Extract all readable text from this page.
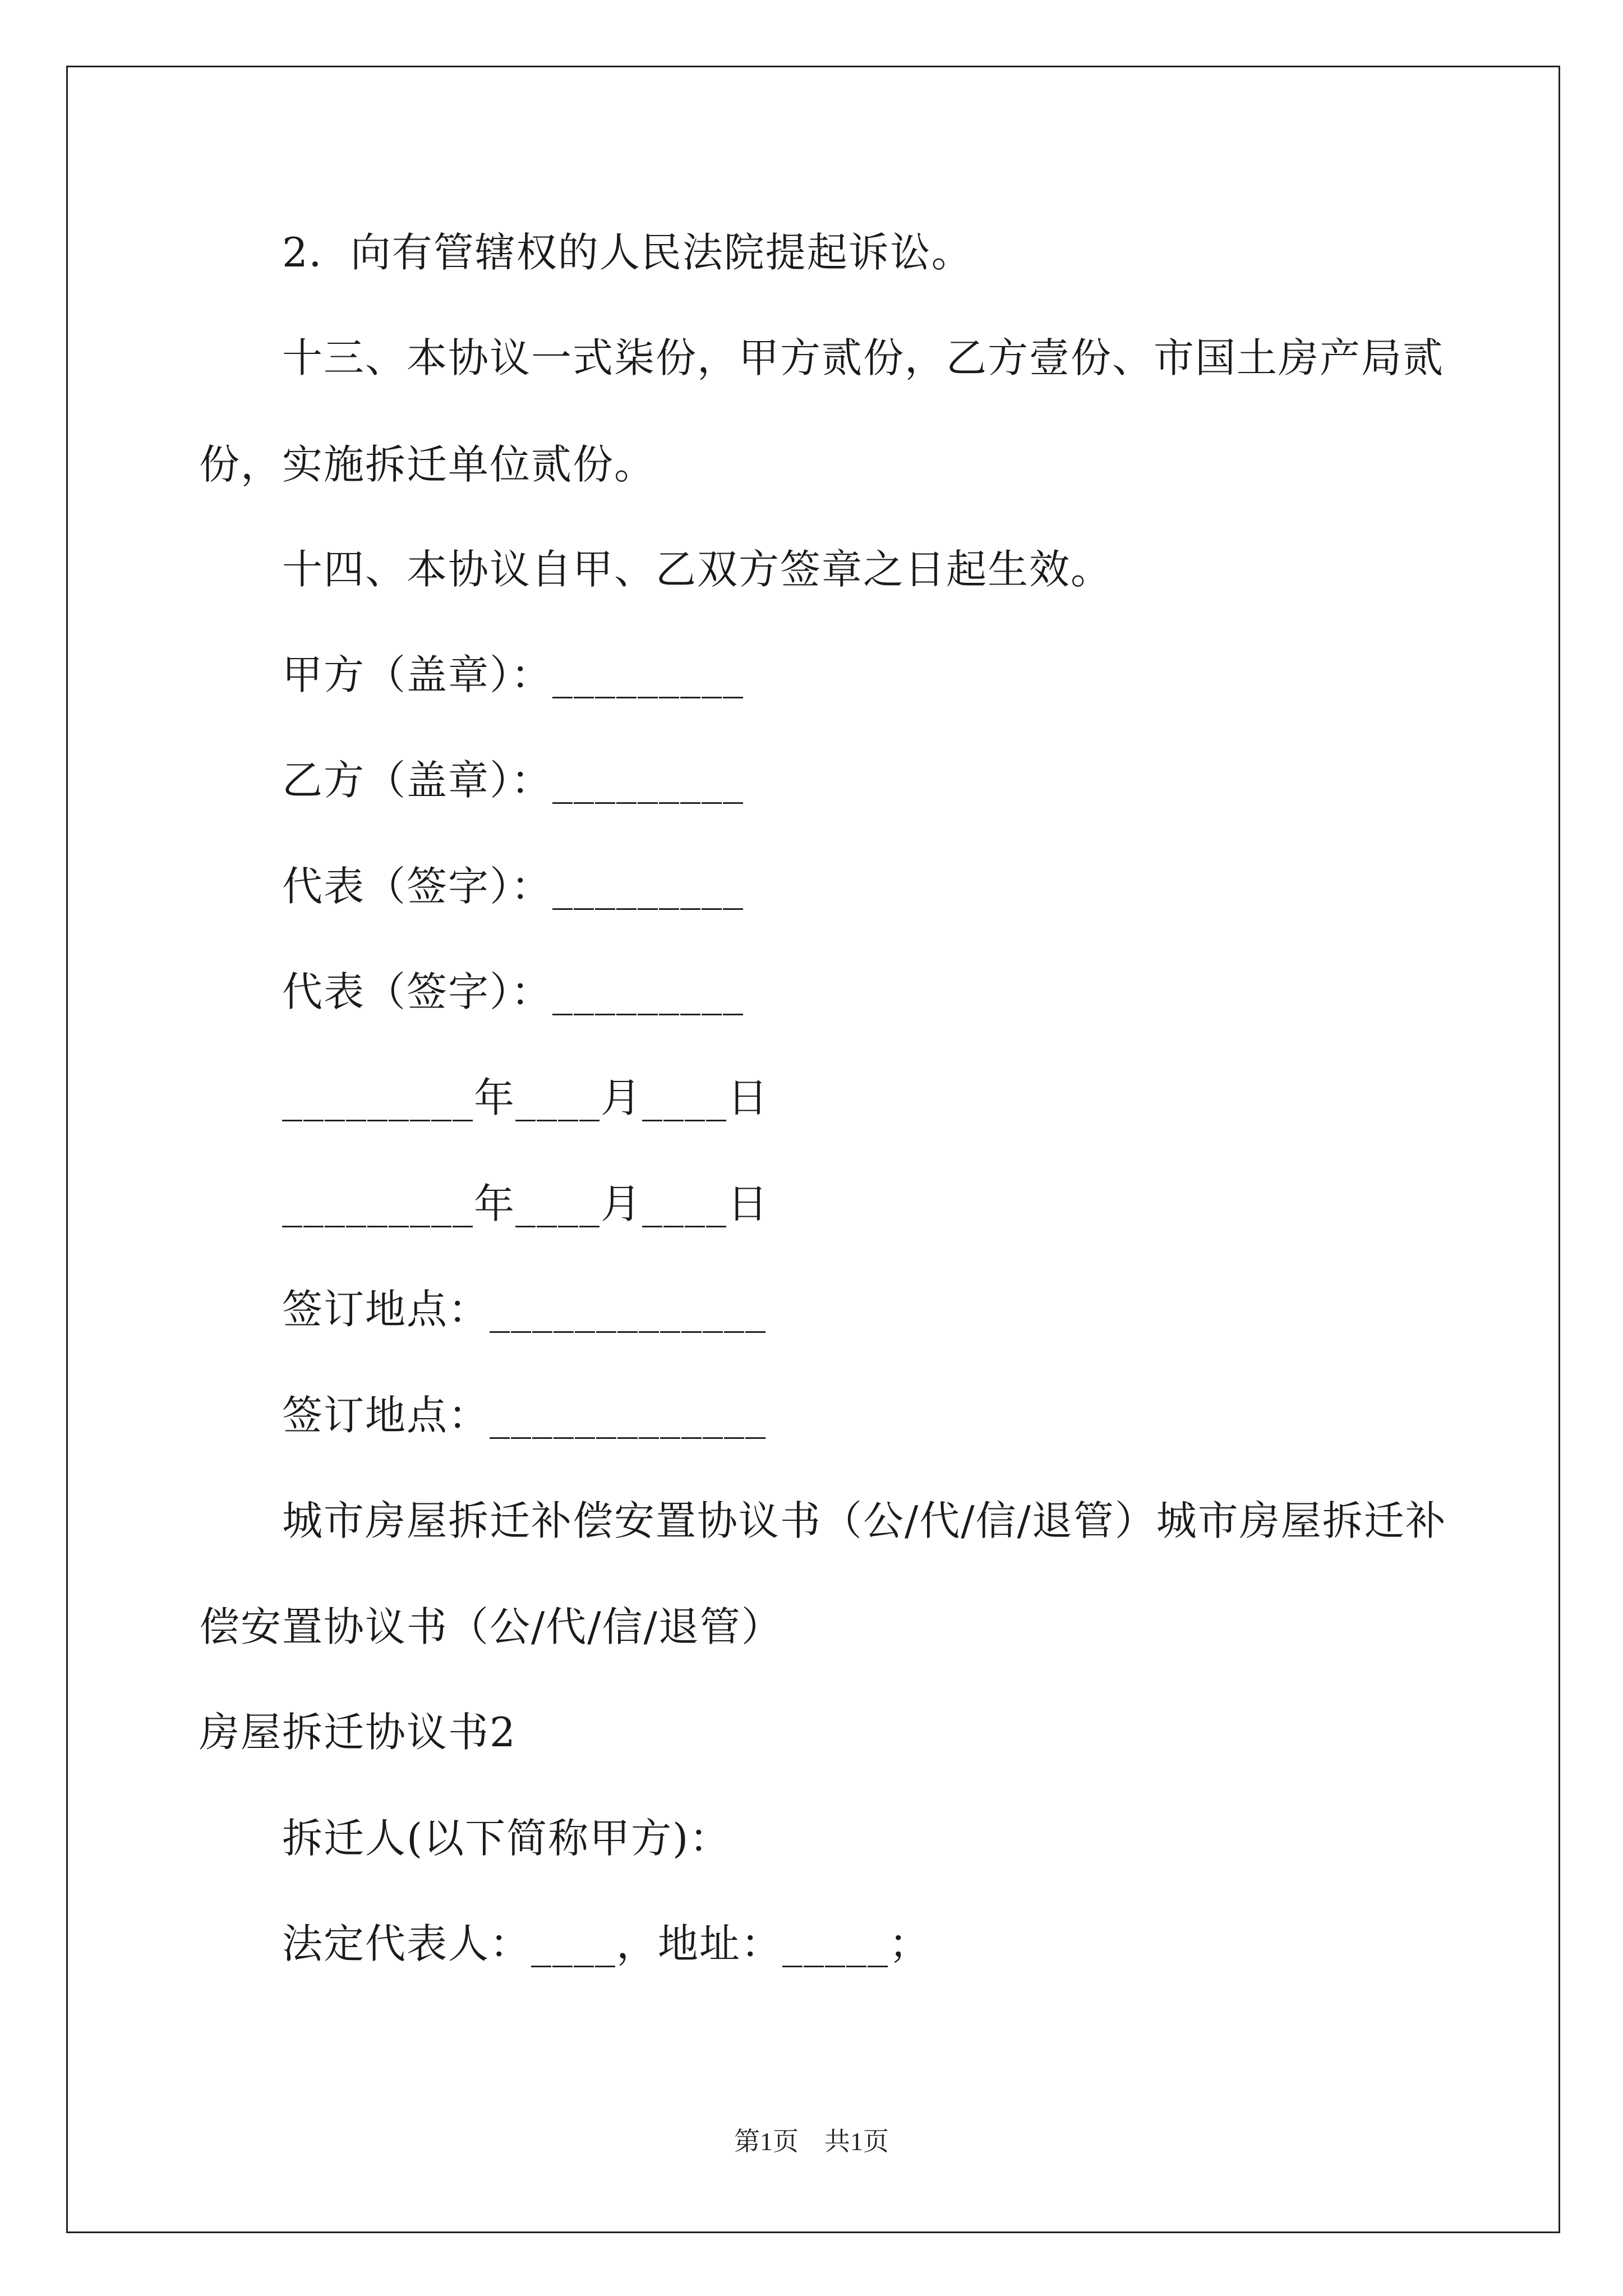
2．向有管辖权的人民法院提起诉讼。
十三、本协议一式柒份，甲方贰份，乙方壹份、市国土房产局贰
份，实施拆迁单位贰份。
十四、本协议自甲、乙双方签章之日起生效。
甲方（盖章）：_________
乙方（盖章）：_________
代表（签字）：_________
代表（签字）：_________
_________年____月____日
_________年____月____日
签订地点：_____________
签订地点：_____________
城市房屋拆迁补偿安置协议书（公/代/信/退管）城市房屋拆迁补
偿安置协议书（公/代/信/退管）
房屋拆迁协议书2
拆迁人(以下简称甲方)：
法定代表人：____，地址：_____；
第1页　共1页
